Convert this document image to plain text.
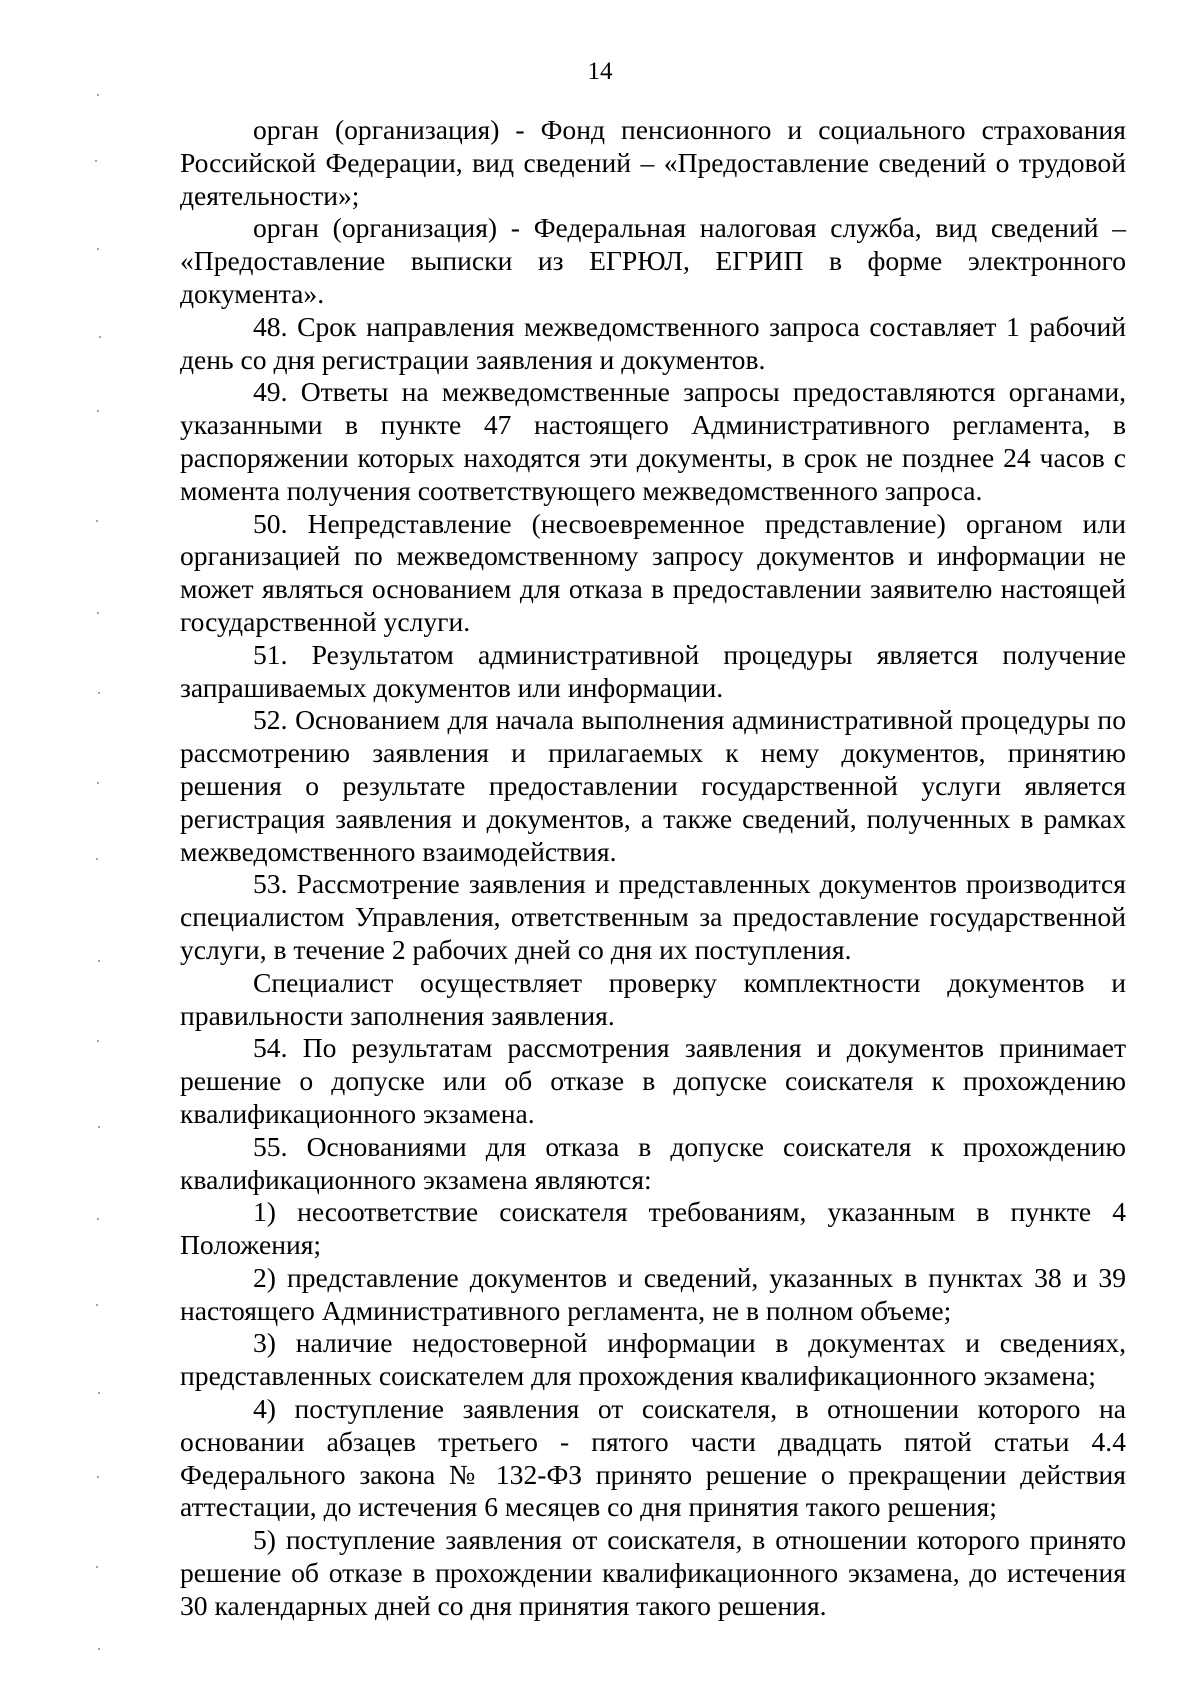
14

орган (организация) - Фонд пенсионного и социального страхования Российской Федерации, вид сведений – «Предоставление сведений о трудовой деятельности»;

орган (организация) - Федеральная налоговая служба, вид сведений – «Предоставление выписки из ЕГРЮЛ, ЕГРИП в форме электронного документа».

48. Срок направления межведомственного запроса составляет 1 рабочий день со дня регистрации заявления и документов.

49. Ответы на межведомственные запросы предоставляются органами, указанными в пункте 47 настоящего Административного регламента, в распоряжении которых находятся эти документы, в срок не позднее 24 часов с момента получения соответствующего межведомственного запроса.

50. Непредставление (несвоевременное представление) органом или организацией по межведомственному запросу документов и информации не может являться основанием для отказа в предоставлении заявителю настоящей государственной услуги.

51. Результатом административной процедуры является получение запрашиваемых документов или информации.

52. Основанием для начала выполнения административной процедуры по рассмотрению заявления и прилагаемых к нему документов, принятию решения о результате предоставлении государственной услуги является регистрация заявления и документов, а также сведений, полученных в рамках межведомственного взаимодействия.

53. Рассмотрение заявления и представленных документов производится специалистом Управления, ответственным за предоставление государственной услуги, в течение 2 рабочих дней со дня их поступления.

Специалист осуществляет проверку комплектности документов и правильности заполнения заявления.

54. По результатам рассмотрения заявления и документов принимает решение о допуске или об отказе в допуске соискателя к прохождению квалификационного экзамена.

55. Основаниями для отказа в допуске соискателя к прохождению квалификационного экзамена являются:

1) несоответствие соискателя требованиям, указанным в пункте 4 Положения;

2) представление документов и сведений, указанных в пунктах 38 и 39 настоящего Административного регламента, не в полном объеме;

3) наличие недостоверной информации в документах и сведениях, представленных соискателем для прохождения квалификационного экзамена;

4) поступление заявления от соискателя, в отношении которого на основании абзацев третьего - пятого части двадцать пятой статьи 4.4 Федерального закона № 132-ФЗ принято решение о прекращении действия аттестации, до истечения 6 месяцев со дня принятия такого решения;

5) поступление заявления от соискателя, в отношении которого принято решение об отказе в прохождении квалификационного экзамена, до истечения 30 календарных дней со дня принятия такого решения.
